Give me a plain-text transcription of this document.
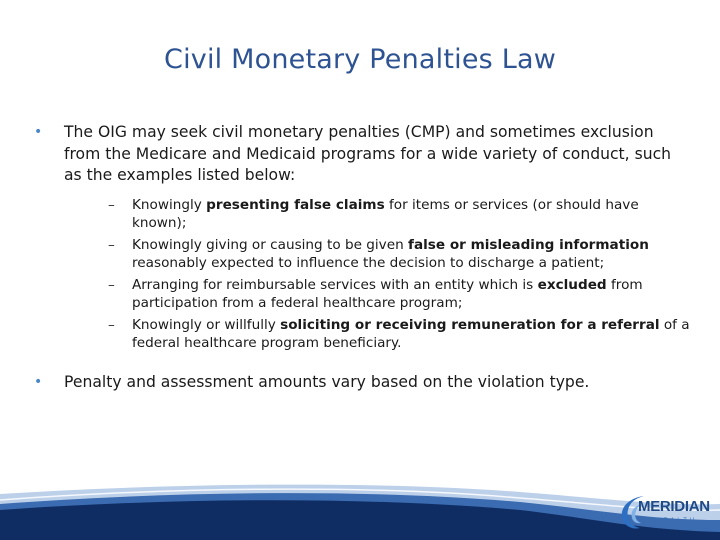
Civil Monetary Penalties Law
• The OIG may seek civil monetary penalties (CMP) and sometimes exclusion from the Medicare and Medicaid programs for a wide variety of conduct, such as the examples listed below:
– Knowingly presenting false claims for items or services (or should have known);
– Knowingly giving or causing to be given false or misleading information reasonably expected to influence the decision to discharge a patient;
– Arranging for reimbursable services with an entity which is excluded from participation from a federal healthcare program;
– Knowingly or willfully soliciting or receiving remuneration for a referral of a federal healthcare program beneficiary.
• Penalty and assessment amounts vary based on the violation type.
MERIDIAN
HEALTH
